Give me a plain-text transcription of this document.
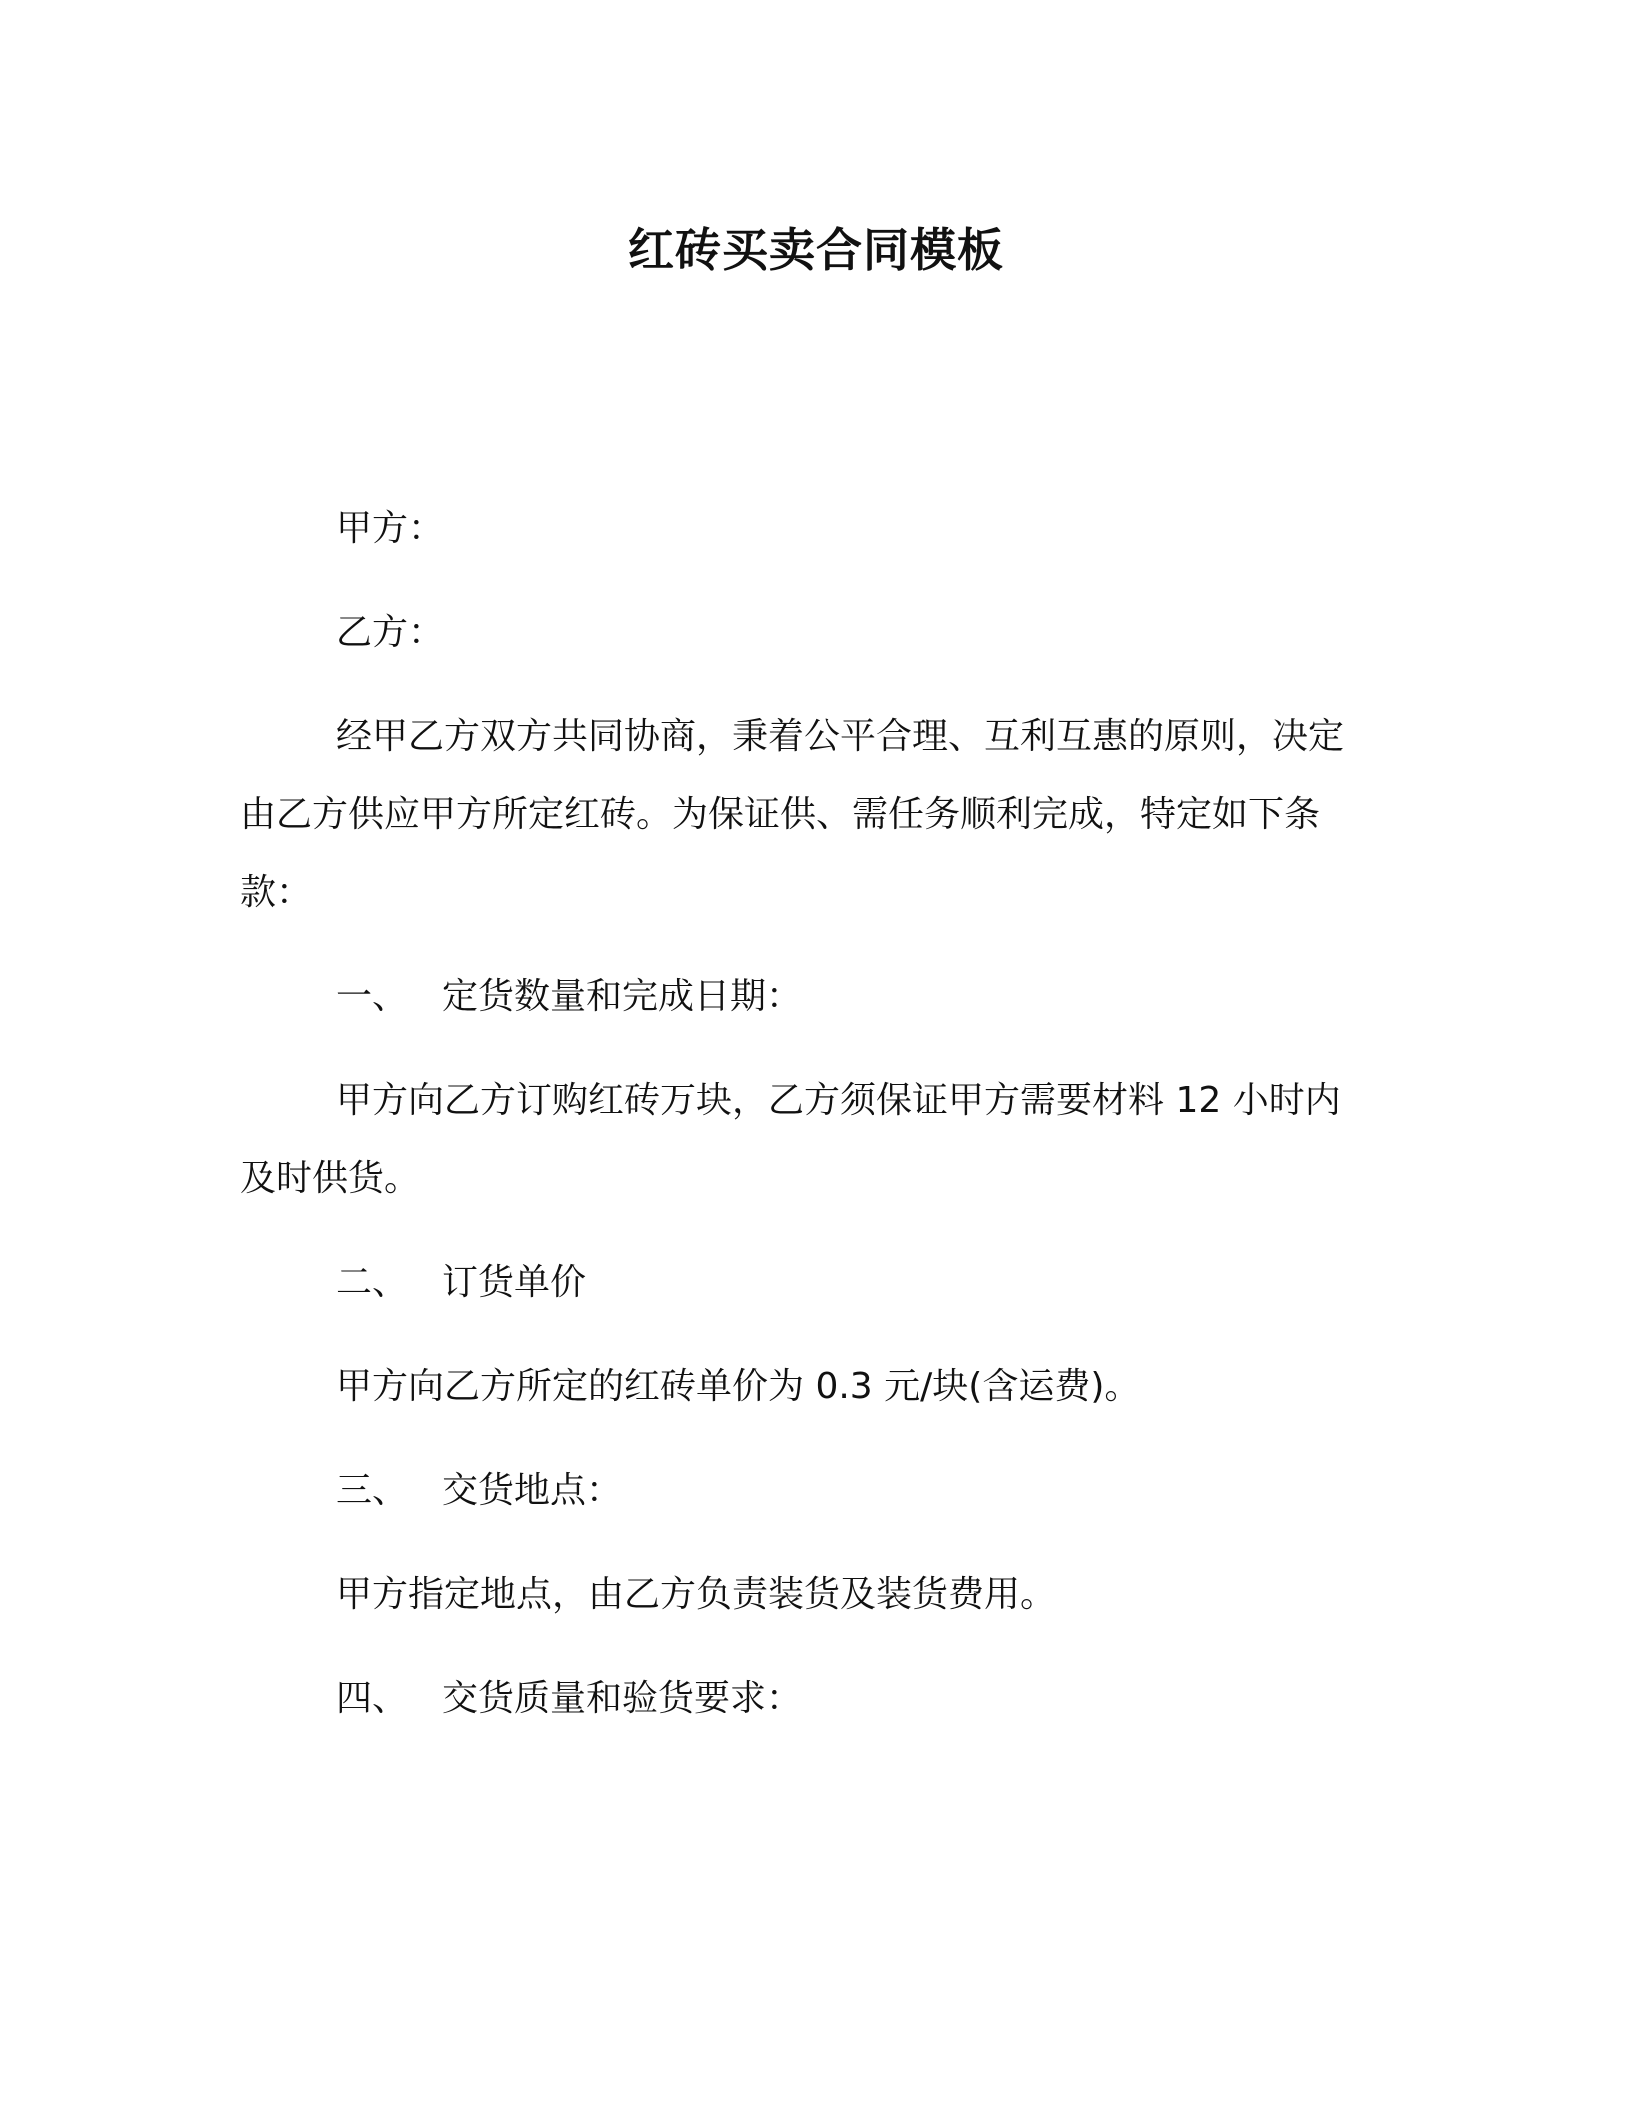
红砖买卖合同模板

甲方：

乙方：

经甲乙方双方共同协商，秉着公平合理、互利互惠的原则，决定由乙方供应甲方所定红砖。为保证供、需任务顺利完成，特定如下条款：

一、 定货数量和完成日期：

甲方向乙方订购红砖万块，乙方须保证甲方需要材料 12 小时内及时供货。

二、 订货单价

甲方向乙方所定的红砖单价为 0.3 元/块(含运费)。

三、 交货地点：

甲方指定地点，由乙方负责装货及装货费用。

四、 交货质量和验货要求：
